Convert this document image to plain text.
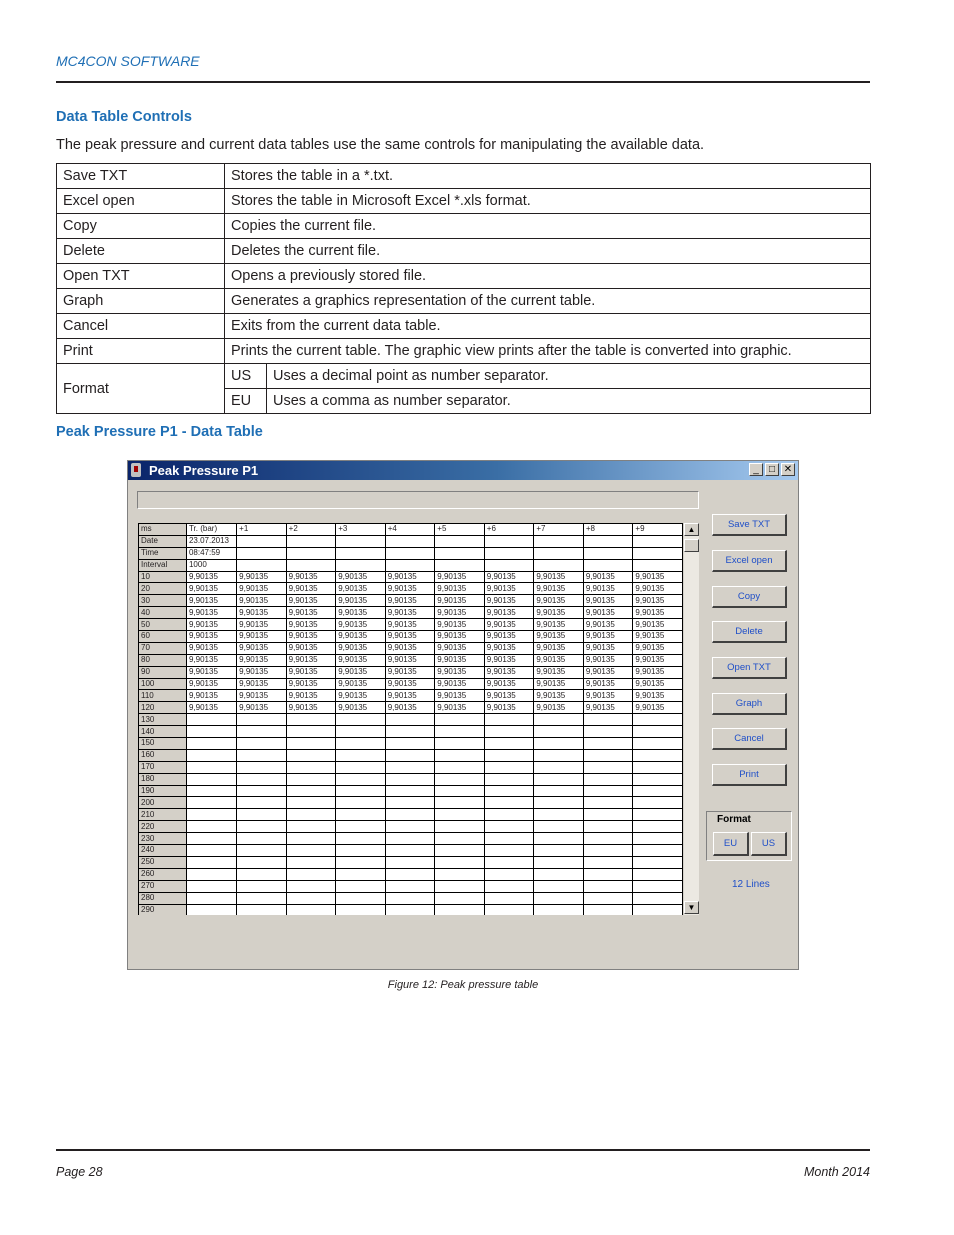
MC4CON SOFTWARE
Data Table Controls
The peak pressure and current data tables use the same controls for manipulating the available data.
Save TXT	Stores the table in a *.txt.	
Excel open	Stores the table in Microsoft Excel *.xls format.	
Copy	Copies the current file.	
Delete	Deletes the current file.	
Open TXT	Opens a previously stored file.	
Graph	Generates a graphics representation of the current table.	
Cancel	Exits from the current data table.	
Print	Prints the current table. The graphic view prints after the table is converted into graphic.	
Format	US	Uses a decimal point as number separator.
	EU	Uses a comma as number separator.
Peak Pressure P1 - Data Table
Peak Pressure P1	_	□ ✕
ms	Tr. (bar)	+1	+2	+3	+4	+5	+6	+7	+8	+9
Date	23.07.2013									
Time	08:47:59									
Interval	1000									
10	9,90135	9,90135	9,90135	9,90135	9,90135	9,90135	9,90135	9,90135	9,90135	9,90135
20	9,90135	9,90135	9,90135	9,90135	9,90135	9,90135	9,90135	9,90135	9,90135	9,90135
30	9,90135	9,90135	9,90135	9,90135	9,90135	9,90135	9,90135	9,90135	9,90135	9,90135
40	9,90135	9,90135	9,90135	9,90135	9,90135	9,90135	9,90135	9,90135	9,90135	9,90135
50	9,90135	9,90135	9,90135	9,90135	9,90135	9,90135	9,90135	9,90135	9,90135	9,90135
60	9,90135	9,90135	9,90135	9,90135	9,90135	9,90135	9,90135	9,90135	9,90135	9,90135
70	9,90135	9,90135	9,90135	9,90135	9,90135	9,90135	9,90135	9,90135	9,90135	9,90135
80	9,90135	9,90135	9,90135	9,90135	9,90135	9,90135	9,90135	9,90135	9,90135	9,90135
90	9,90135	9,90135	9,90135	9,90135	9,90135	9,90135	9,90135	9,90135	9,90135	9,90135
100	9,90135	9,90135	9,90135	9,90135	9,90135	9,90135	9,90135	9,90135	9,90135	9,90135
110	9,90135	9,90135	9,90135	9,90135	9,90135	9,90135	9,90135	9,90135	9,90135	9,90135
120	9,90135	9,90135	9,90135	9,90135	9,90135	9,90135	9,90135	9,90135	9,90135	9,90135
130										
140										
150										
160										
170										
180										
190										
200										
210										
220										
230										
240										
250										
260										
270										
280										
290										
▲
▼
Save TXT
Excel open
Copy
Delete
Open TXT
Graph
Cancel
Print
Format
EU	US
12 Lines
Figure 12: Peak pressure table
Page 28	Month 2014
